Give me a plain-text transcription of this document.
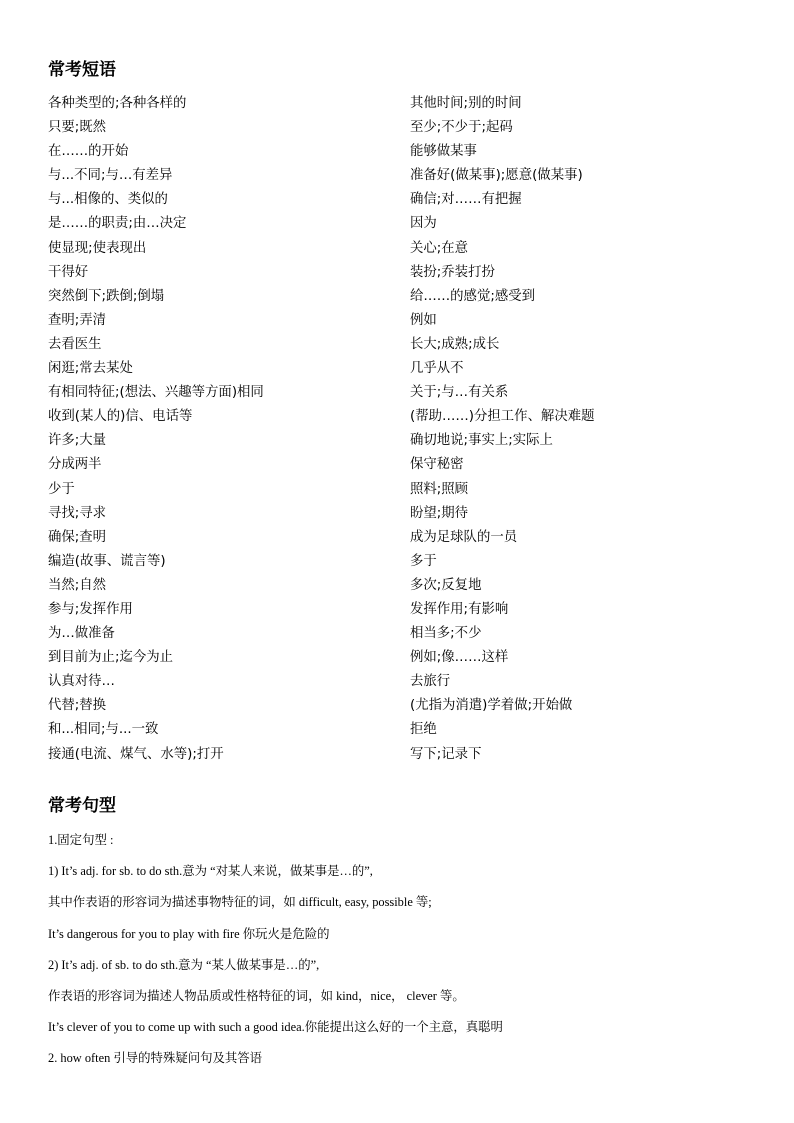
常考短语
各种类型的;各种各样的
只要;既然
在……的开始
与...不同;与…有差异
与...相像的、类似的
是……的职责;由…决定
使显现;使表现出
干得好
突然倒下;跌倒;倒塌
查明;弄清
去看医生
闲逛;常去某处
有相同特征;(想法、兴趣等方面)相同
收到(某人的)信、电话等
许多;大量
分成两半
少于
寻找;寻求
确保;查明
编造(故事、谎言等)
当然;自然
参与;发挥作用
为…做准备
到目前为止;迄今为止
认真对待…
代替;替换
和...相同;与...一致
接通(电流、煤气、水等);打开
其他时间;别的时间
至少;不少于;起码
能够做某事
准备好(做某事);愿意(做某事)
确信;对……有把握
因为
关心;在意
装扮;乔装打扮
给……的感觉;感受到
例如
长大;成熟;成长
几乎从不
关于;与…有关系
(帮助……)分担工作、解决难题
确切地说;事实上;实际上
保守秘密
照料;照顾
盼望;期待
成为足球队的一员
多于
多次;反复地
发挥作用;有影响
相当多;不少
例如;像……这样
去旅行
(尤指为消遣)学着做;开始做
拒绝
写下;记录下
常考句型
1.固定句型 :
1) It’s adj. for sb. to do sth.意为 “对某人来说，做某事是…的”,
其中作表语的形容词为描述事物特征的词，如 difficult, easy, possible 等;
It’s dangerous for you to play with fire 你玩火是危险的
2) It’s adj. of sb. to do sth.意为 “某人做某事是…的”,
作表语的形容词为描述人物品质或性格特征的词，如 kind，nice， clever 等。
It’s clever of you to come up with such a good idea.你能提出这么好的一个主意，真聪明
2. how often 引导的特殊疑问句及其答语
